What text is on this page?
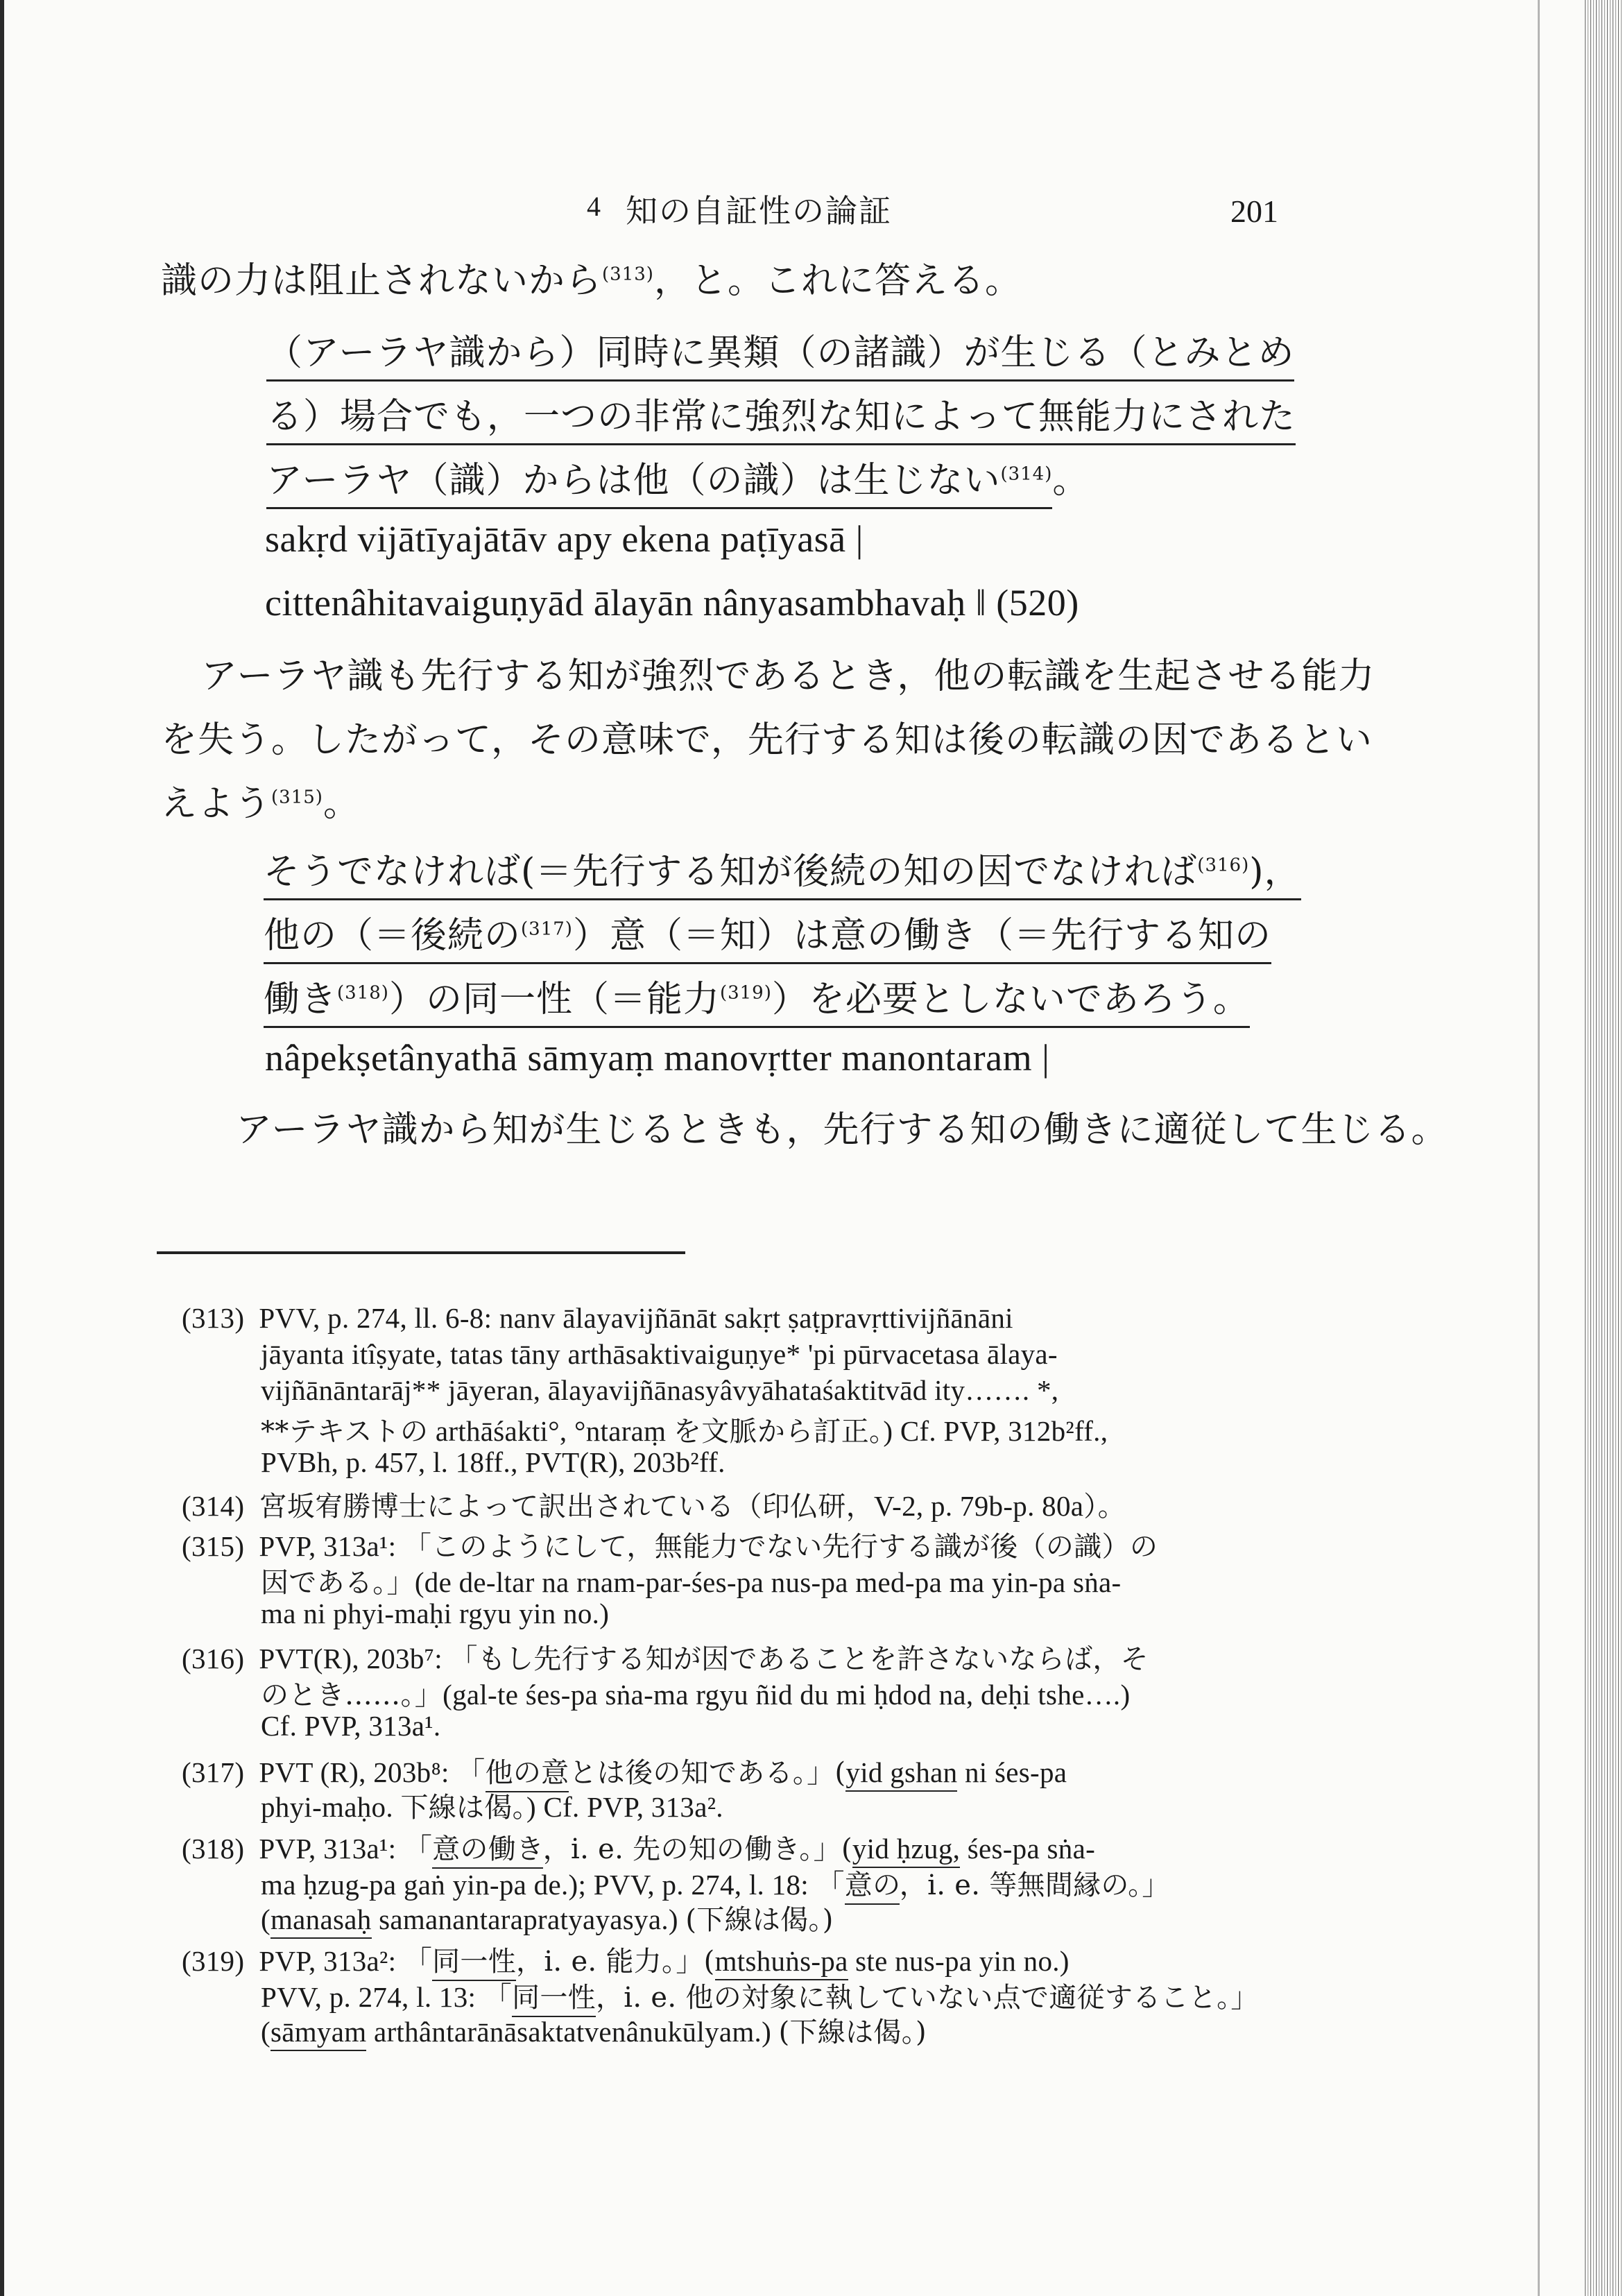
4 知の自証性の論証	201
識の力は阻止されないから$^{(313)}$，と。これに答える。
（アーラヤ識から）同時に異類（の諸識）が生じる（とみとめ
る）場合でも，一つの非常に強烈な知によって無能力にされた
アーラヤ（識）からは他（の識）は生じない$^{(314)}$。
sakṛd vijātīyajātāv apy ekena paṭīyasā |
cittenâhitavaiguṇyād ālayān nânyasambhavaḥ ‖ (520)
アーラヤ識も先行する知が強烈であるとき，他の転識を生起させる能力
を失う。したがって，その意味で，先行する知は後の転識の因であるとい
えよう$^{(315)}$。
そうでなければ(＝先行する知が後続の知の因でなければ$^{(316)}$)，
他の（＝後続の$^{(317)}$）意（＝知）は意の働き（＝先行する知の
働き$^{(318)}$）の同一性（＝能力$^{(319)}$）を必要としないであろう。
nâpekṣetânyathā sāmyaṃ manovṛtter manontaram |
アーラヤ識から知が生じるときも，先行する知の働きに適従して生じる。
(313) PVV, p. 274, ll. 6-8: nanv ālayavijñānāt sakṛt ṣaṭpravṛttivijñānāni
jāyanta itîṣyate, tatas tāny arthāsaktivaiguṇye* 'pi pūrvacetasa ālaya-
vijñānāntarāj** jāyeran, ālayavijñānasyâvyāhataśaktitvād ity……. *,
**テキストの arthāśakti°, °ntaraṃ を文脈から訂正。) Cf. PVP, 312b²ff.,
PVBh, p. 457, l. 18ff., PVT(R), 203b²ff.
(314) 宮坂宥勝博士によって訳出されている（印仏研，V-2, p. 79b-p. 80a）。
(315) PVP, 313a¹: 「このようにして，無能力でない先行する識が後（の識）の
因である。」(de de-ltar na rnam-par-śes-pa nus-pa med-pa ma yin-pa sṅa-
ma ni phyi-maḥi rgyu yin no.)
(316) PVT(R), 203b⁷: 「もし先行する知が因であることを許さないならば，そ
のとき……。」(gal-te śes-pa sṅa-ma rgyu ñid du mi ḥdod na, deḥi tshe….)
Cf. PVP, 313a¹.
(317) PVT (R), 203b⁸: 「他の意とは後の知である。」(yid gshan ni śes-pa
phyi-maḥo. 下線は偈。) Cf. PVP, 313a².
(318) PVP, 313a¹: 「意の働き，i. e. 先の知の働き。」(yid ḥzug, śes-pa sṅa-
ma ḥzug-pa gaṅ yin-pa de.); PVV, p. 274, l. 18: 「意の，i. e. 等無間縁の。」
(manasaḥ samanantarapratyayasya.) (下線は偈。)
(319) PVP, 313a²: 「同一性，i. e. 能力。」(mtshuṅs-pa ste nus-pa yin no.)
PVV, p. 274, l. 13: 「同一性，i. e. 他の対象に執していない点で適従すること。」
(sāmyam arthântarānāsaktatvenânukūlyam.) (下線は偈。)
